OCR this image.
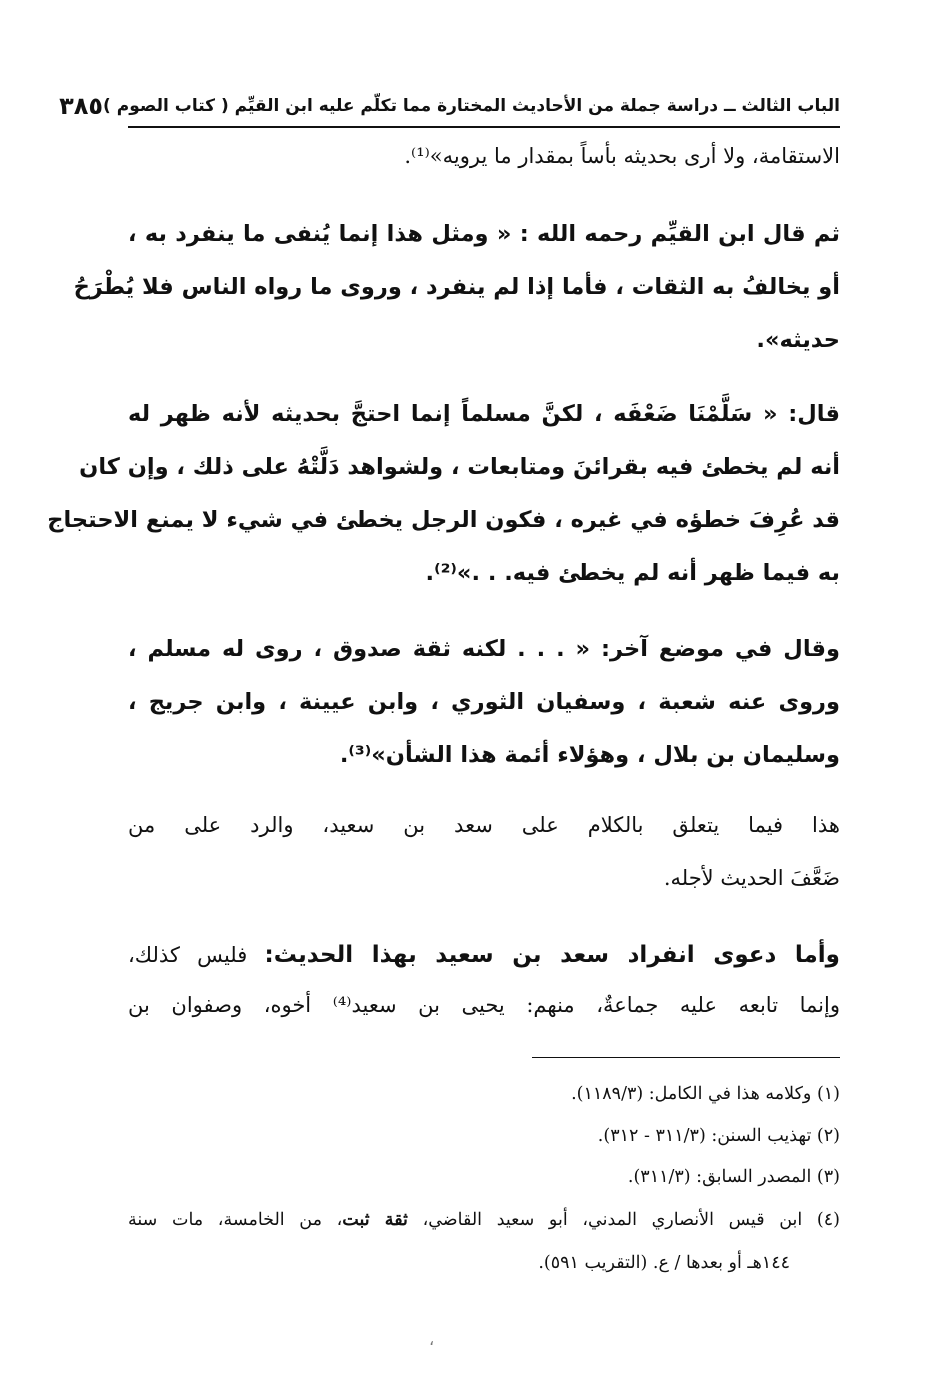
الباب الثالث ــ دراسة جملة من الأحاديث المختارة مما تكلّم عليه ابن القيِّم ( كتاب الصوم )
٣٨٥
الاستقامة، ولا أرى بحديثه بأساً بمقدار ما يرويه»⁽¹⁾.
ثم قال ابن القيِّم رحمه الله : « ومثل هذا إنما يُنفى ما ينفرد به ،
أو يخالفُ به الثقات ، فأما إذا لم ينفرد ، وروى ما رواه الناس فلا يُطْرَحُ
حديثه».
قال: « سَلَّمْنَا ضَعْفَه ، لكنَّ مسلماً إنما احتجَّ بحديثه لأنه ظهر له
أنه لم يخطئ فيه بقرائنَ ومتابعات ، ولشواهد دَلَّتْهُ على ذلك ، وإن كان
قد عُرِفَ خطؤه في غيره ، فكون الرجل يخطئ في شيء لا يمنع الاحتجاج
به فيما ظهر أنه لم يخطئ فيه. . .»⁽²⁾.
وقال في موضع آخر: « . . . لكنه ثقة صدوق ، روى له مسلم ،
وروى عنه شعبة ، وسفيان الثوري ، وابن عيينة ، وابن جريج ،
وسليمان بن بلال ، وهؤلاء أئمة هذا الشأن»⁽³⁾.
هذا فيما يتعلق بالكلام على سعد بن سعيد، والرد على من
ضَعَّفَ الحديث لأجله.
وأما دعوى انفراد سعد بن سعيد بهذا الحديث: فليس كذلك،
وإنما تابعه عليه جماعةٌ، منهم: يحيى بن سعيد⁽⁴⁾ أخوه، وصفوان بن
(١) وكلامه هذا في الكامل: (١١٨٩/٣).
(٢) تهذيب السنن: (٣١١/٣ - ٣١٢).
(٣) المصدر السابق: (٣١١/٣).
(٤) ابن قيس الأنصاري المدني، أبو سعيد القاضي، ثقة ثبت، من الخامسة، مات سنة
١٤٤هـ أو بعدها / ع. (التقريب ٥٩١).
،
